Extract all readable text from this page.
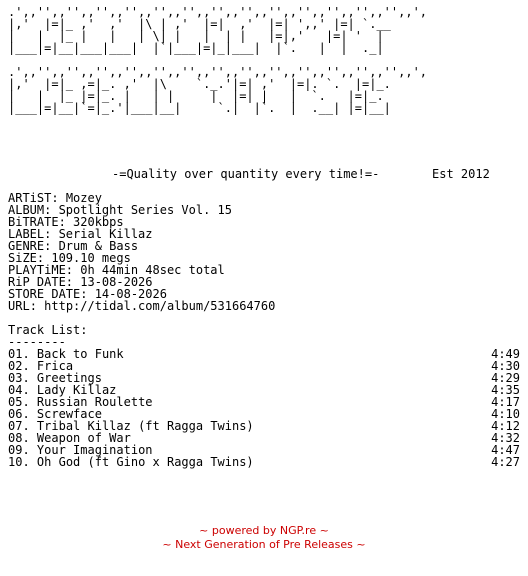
.',,'',,'',,'',,'',,'',,'',,'',,'',,'',,'',,'',,'',,'',,',
|,'  |=|_ ,'  ,'  |\ | ,'  |=|  ,'  |=| ',,' |=| `.__
|   |  |_ |   |   | \| |   |  | |   |=|,'   |=| '  |
|___|=|__|___|___|  |`|___|=|_|___|  |`.   |  |  ._|

.',,'',,'',,'',,'',,'',,'',,'',,'',,'',,'',,'',,'',,'',,',
|,'  |=|_ ,=|_. ,'  |\    `._.'|=| ,'  |=|. `.  |=|_.
|   |  |_ |=|_. |   | |     |  |=| |   |  `.   |=|_.
|___|=|__|`=|_.'|___|__|     `.|  |`.  |  .__| |=|__|
-=Quality over quantity every time!=-	Est 2012
ARTiST: Mozey
ALBUM: Spotlight Series Vol. 15
BiTRATE: 320kbps
LABEL: Serial Killaz
GENRE: Drum & Bass
SiZE: 109.10 megs
PLAYTiME: 0h 44min 48sec total
RiP DATE: 13-08-2026
STORE DATE: 14-08-2026
URL: http://tidal.com/album/531664760
Track List:
--------
01. Back to Funk	4:49
02. Frica	4:30
03. Greetings	4:29
04. Lady Killaz	4:35
05. Russian Roulette	4:17
06. Screwface	4:10
07. Tribal Killaz (ft Ragga Twins)	4:12
08. Weapon of War	4:32
09. Your Imagination	4:47
10. Oh God (ft Gino x Ragga Twins)	4:27
~ powered by NGP.re ~
~ Next Generation of Pre Releases ~
